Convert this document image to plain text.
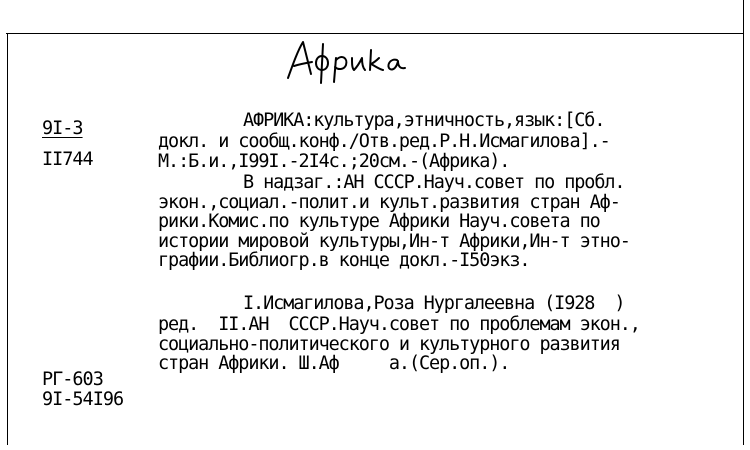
9I-3
II744
РГ-603
9I-54I96
АФРИКА:культура,этничность,язык:[Сб.
докл. и сообщ.конф./Отв.ред.Р.Н.Исмагилова].-
М.:Б.и.,I99I.-2I4с.;20см.-(Африка).
В надзаг.:АН СССР.Науч.совет по пробл.
экон.,социал.-полит.и культ.развития стран Аф-
рики.Комис.по культуре Африки Науч.совета по
истории мировой культуры,Ин-т Африки,Ин-т этно-
графии.Библиогр.в конце докл.-I50экз.
I.Исмагилова,Роза Нургалеевна (I928  )
ред.  II.АН  СССР.Науч.совет по проблемам экон.,
социально-политического и культурного развития
стран Африки. Ш.Аф     а.(Сер.оп.).
